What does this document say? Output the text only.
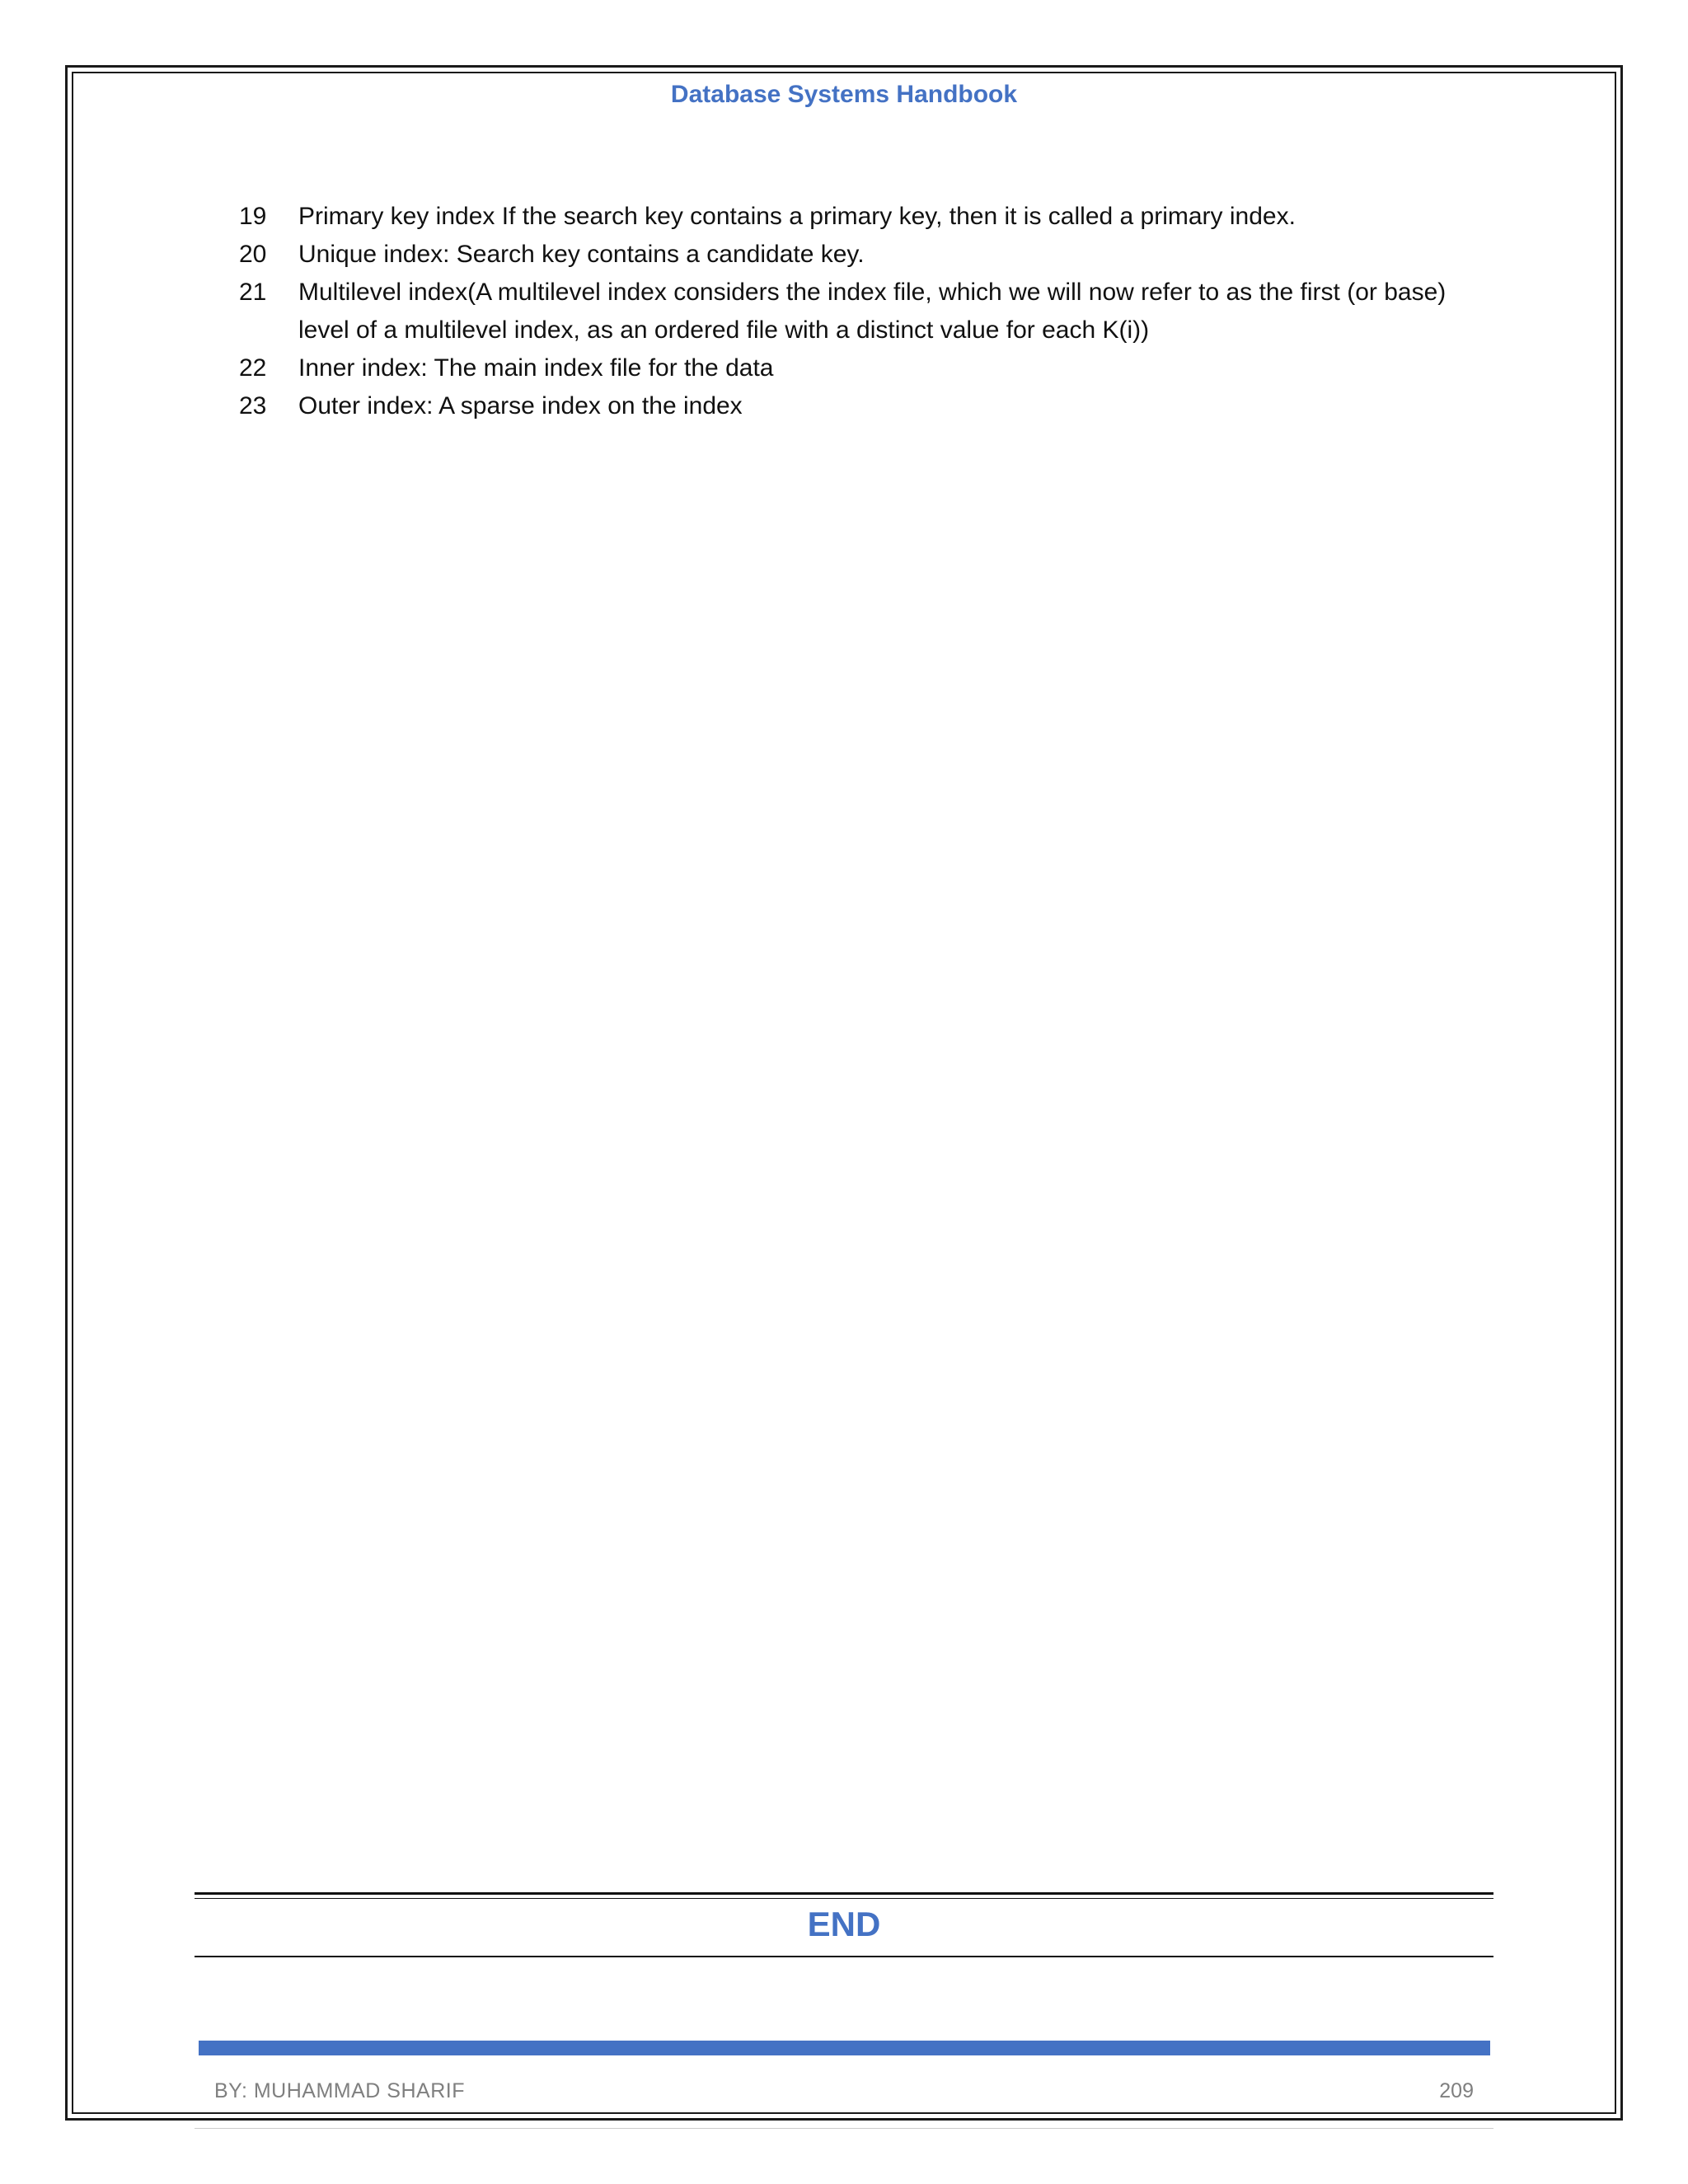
Database Systems Handbook
19	Primary key index If the search key contains a primary key, then it is called a primary index.
20	Unique index: Search key contains a candidate key.
21	Multilevel index(A multilevel index considers the index file, which we will now refer to as the first (or base) level of a multilevel index, as an ordered file with a distinct value for each K(i))
22	Inner index: The main index file for the data
23	Outer index: A sparse index on the index
END
BY: MUHAMMAD SHARIF	209
